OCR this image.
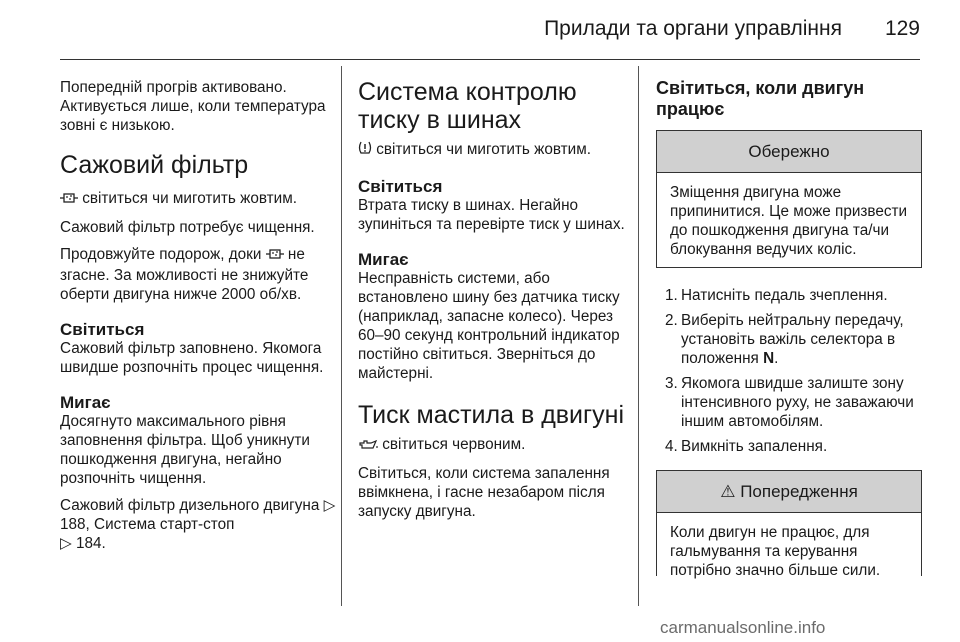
Прилади та органи управління 129

Попередній прогрів активовано. Активується лише, коли температура зовні є низькою.

Сажовий фільтр

світиться чи миготить жовтим.

Сажовий фільтр потребує чищення.

Продовжуйте подорож, доки не згасне. За можливості не знижуйте оберти двигуна нижче 2000 об/хв.

Світиться

Сажовий фільтр заповнено. Якомога швидше розпочніть процес чищення.

Мигає

Досягнуто максимального рівня заповнення фільтра. Щоб уникнути пошкодження двигуна, негайно розпочніть чищення.

Сажовий фільтр дизельного двигуна ▷ 188, Система старт-стоп
▷ 184.

Система контролю тиску в шинах

світиться чи миготить жовтим.

Світиться

Втрата тиску в шинах. Негайно зупиніться та перевірте тиск у шинах.

Мигає

Несправність системи, або встановлено шину без датчика тиску (наприклад, запасне колесо). Через 60–90 секунд контрольний індикатор постійно світиться. Зверніться до майстерні.

Тиск мастила в двигуні

світиться червоним.

Світиться, коли система запалення ввімкнена, і гасне незабаром після запуску двигуна.

Світиться, коли двигун працює
Обережно

Зміщення двигуна може припинитися. Це може призвести до пошкодження двигуна та/чи блокування ведучих коліс.

1. Натисніть педаль зчеплення.
2. Виберіть нейтральну передачу, установіть важіль селектора в положення N.
3. Якомога швидше залиште зону інтенсивного руху, не заважаючи іншим автомобілям.
4. Вимкніть запалення.
⚠ Попередження

Коли двигун не працює, для гальмування та керування потрібно значно більше сили.

carmanualsonline.info
